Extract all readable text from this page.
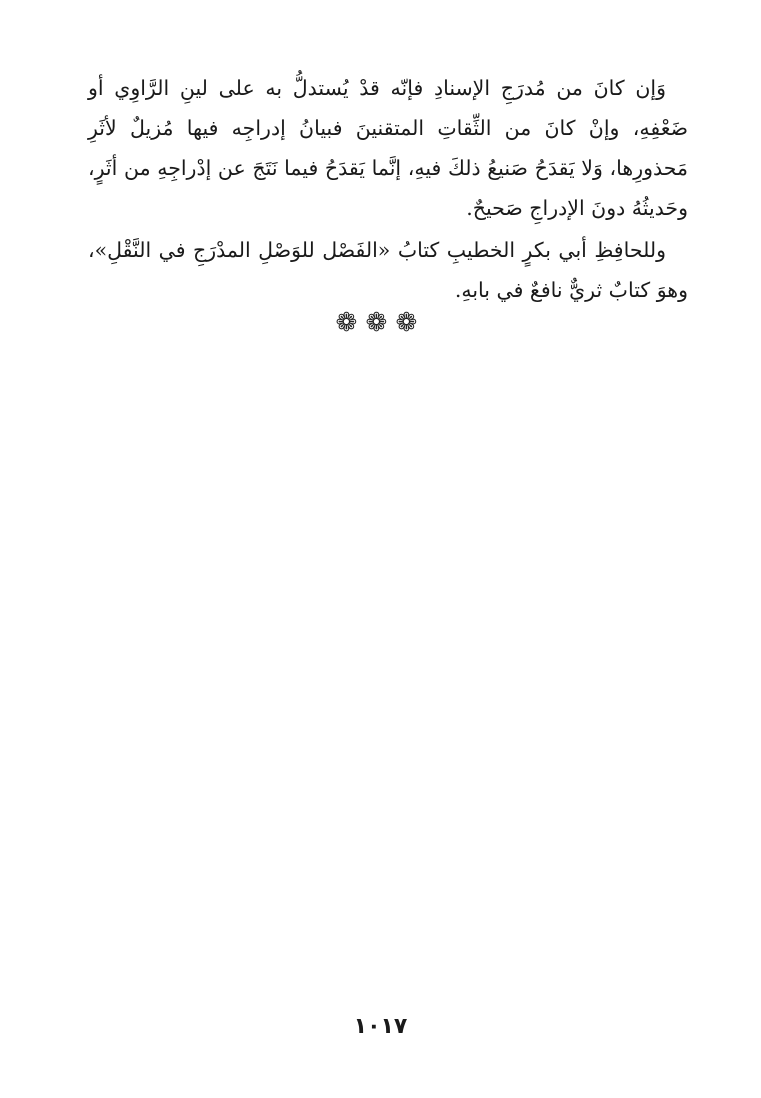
وَإن كانَ من مُدرَجِ الإسنادِ فإنّه قدْ يُستدلُّ به على لينِ الرَّاوِي أو ضَعْفِهِ، وإنْ كانَ من الثِّقاتِ المتقنينَ فبيانُ إدراجِه فيها مُزيلٌ لأثَرِ مَحذورِها، وَلا يَقدَحُ صَنيعُ ذلكَ فيهِ، إنَّما يَقدَحُ فيما نَتَجَ عن إدْراجِهِ من أثَرٍ، وحَديثُهُ دونَ الإدراجِ صَحيحٌ.

وللحافِظِ أبي بكرٍ الخطيبِ كتابُ «الفَصْل للوَصْلِ المدْرَجِ في النَّقْلِ»، وهوَ كتابٌ ثريٌّ نافعٌ في بابهِ.

❁❁❁
١٠١٧
